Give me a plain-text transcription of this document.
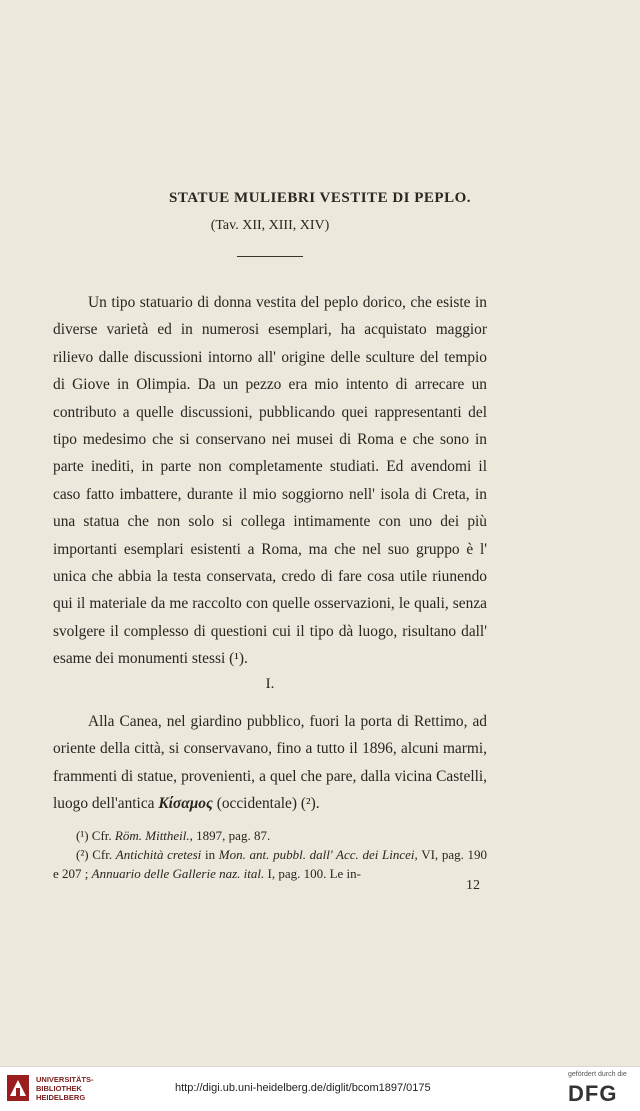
STATUE MULIEBRI VESTITE DI PEPLO.
(Tav. XII, XIII, XIV)

Un tipo statuario di donna vestita del peplo dorico, che esiste in diverse varietà ed in numerosi esemplari, ha acquistato maggior rilievo dalle discussioni intorno all' origine delle sculture del tempio di Giove in Olimpia. Da un pezzo era mio intento di arrecare un contributo a quelle discussioni, pubblicando quei rappresentanti del tipo medesimo che si conservano nei musei di Roma e che sono in parte inediti, in parte non completamente studiati. Ed avendomi il caso fatto imbattere, durante il mio soggiorno nell' isola di Creta, in una statua che non solo si collega intimamente con uno dei più importanti esemplari esistenti a Roma, ma che nel suo gruppo è l' unica che abbia la testa conservata, credo di fare cosa utile riunendo qui il materiale da me raccolto con quelle osservazioni, le quali, senza svolgere il complesso di questioni cui il tipo dà luogo, risultano dall' esame dei monumenti stessi (¹).

I.

Alla Canea, nel giardino pubblico, fuori la porta di Rettimo, ad oriente della città, si conservavano, fino a tutto il 1896, alcuni marmi, frammenti di statue, provenienti, a quel che pare, dalla vicina Castelli, luogo dell'antica Κίσαμος (occidentale) (²).

(¹) Cfr. Röm. Mittheil., 1897, pag. 87.

(²) Cfr. Antichità cretesi in Mon. ant. pubbl. dall' Acc. dei Lincei, VI, pag. 190 e 207 ; Annuario delle Gallerie naz. ital. I, pag. 100. Le in-

12
UNIVERSITÄTS-
BIBLIOTHEK
HEIDELBERG
http://digi.ub.uni-heidelberg.de/diglit/bcom1897/0175
gefördert durch die
DFG
